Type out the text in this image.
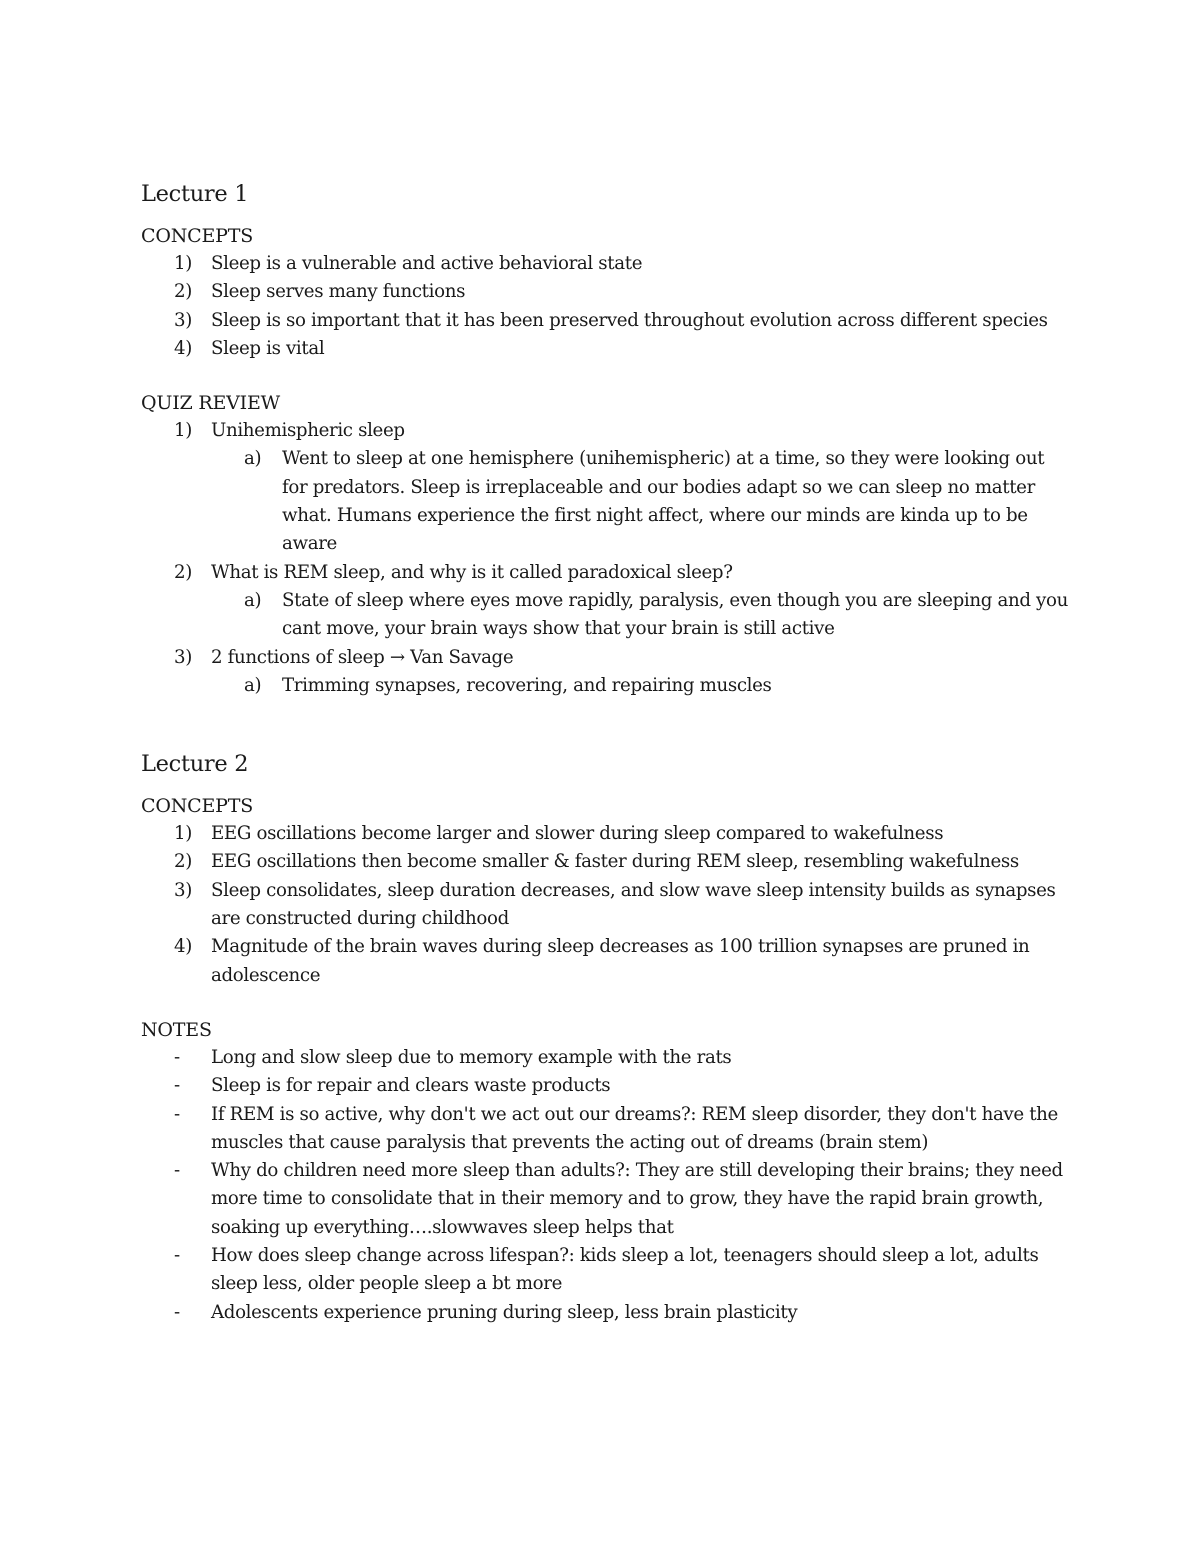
Lecture 1
CONCEPTS
1) Sleep is a vulnerable and active behavioral state
2) Sleep serves many functions
3) Sleep is so important that it has been preserved throughout evolution across different species
4) Sleep is vital
QUIZ REVIEW
1) Unihemispheric sleep
a) Went to sleep at one hemisphere (unihemispheric) at a time, so they were looking out for predators. Sleep is irreplaceable and our bodies adapt so we can sleep no matter what. Humans experience the first night affect, where our minds are kinda up to be aware
2) What is REM sleep, and why is it called paradoxical sleep?
a) State of sleep where eyes move rapidly, paralysis, even though you are sleeping and you cant move, your brain ways show that your brain is still active
3) 2 functions of sleep → Van Savage
a) Trimming synapses, recovering, and repairing muscles
Lecture 2
CONCEPTS
1) EEG oscillations become larger and slower during sleep compared to wakefulness
2) EEG oscillations then become smaller & faster during REM sleep, resembling wakefulness
3) Sleep consolidates, sleep duration decreases, and slow wave sleep intensity builds as synapses are constructed during childhood
4) Magnitude of the brain waves during sleep decreases as 100 trillion synapses are pruned in adolescence
NOTES
- Long and slow sleep due to memory example with the rats
- Sleep is for repair and clears waste products
- If REM is so active, why don't we act out our dreams?: REM sleep disorder, they don't have the muscles that cause paralysis that prevents the acting out of dreams (brain stem)
- Why do children need more sleep than adults?: They are still developing their brains; they need more time to consolidate that in their memory and to grow, they have the rapid brain growth, soaking up everything….slowwaves sleep helps that
- How does sleep change across lifespan?: kids sleep a lot, teenagers should sleep a lot, adults sleep less, older people sleep a bt more
- Adolescents experience pruning during sleep, less brain plasticity
